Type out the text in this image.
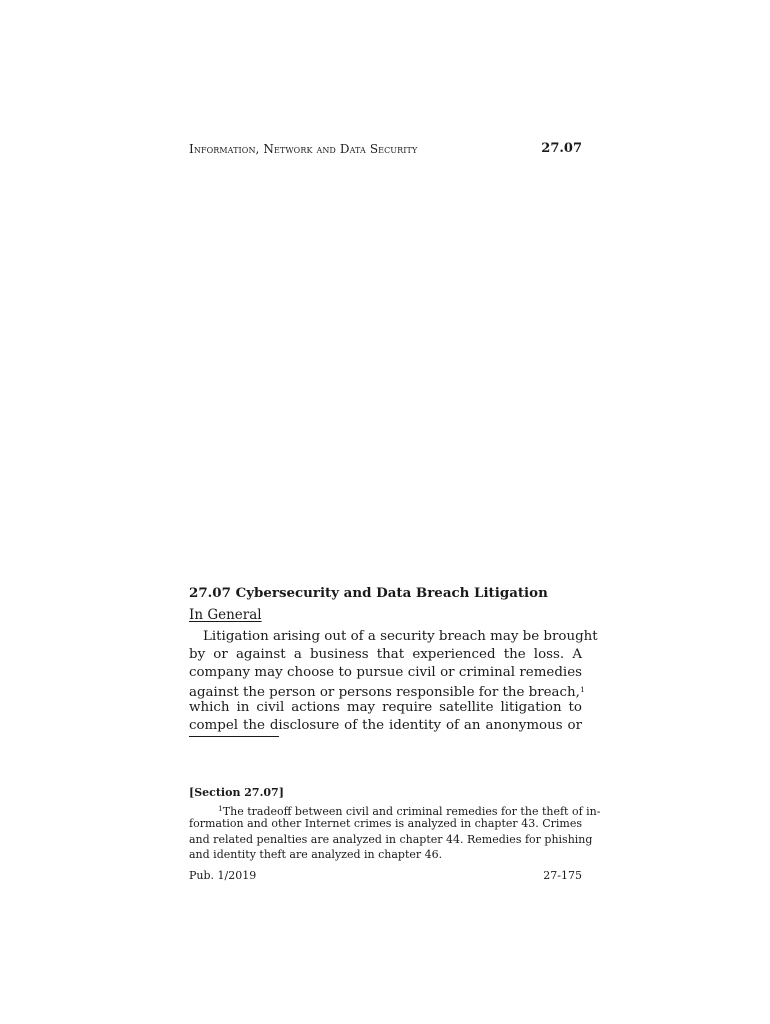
Information, Network and Data Security	27.07
27.07 Cybersecurity and Data Breach Litigation
In General
Litigation arising out of a security breach may be brought
by or against a business that experienced the loss. A
company may choose to pursue civil or criminal remedies
against the person or persons responsible for the breach,$^1$
which in civil actions may require satellite litigation to
compel the disclosure of the identity of an anonymous or
[Section 27.07]
$^1$The tradeoff between civil and criminal remedies for the theft of in-
formation and other Internet crimes is analyzed in chapter 43. Crimes
and related penalties are analyzed in chapter 44. Remedies for phishing
and identity theft are analyzed in chapter 46.
Pub. 1/2019	27-175
